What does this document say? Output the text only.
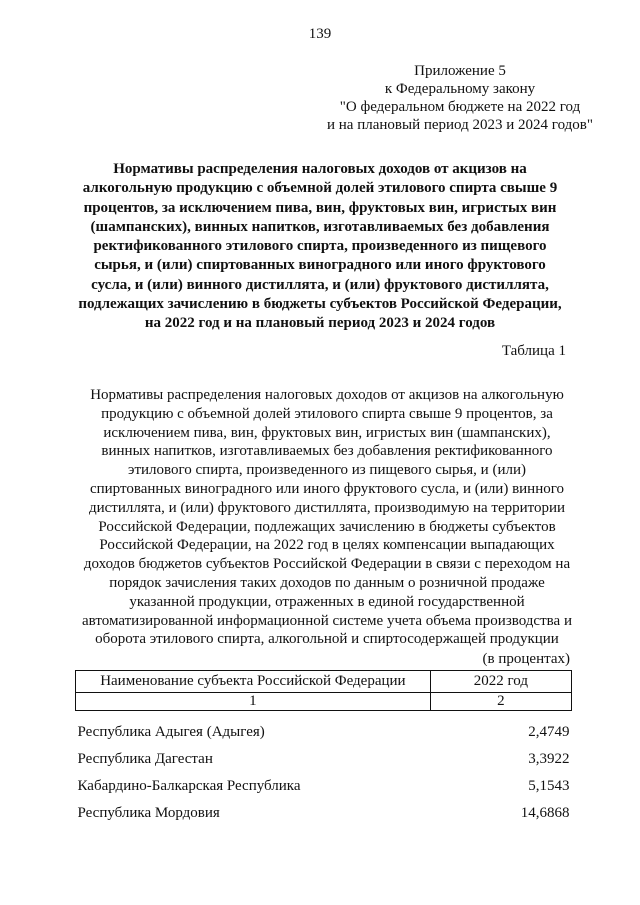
139
Приложение 5
к Федеральному закону
"О федеральном бюджете на 2022 год
и на плановый период 2023 и 2024 годов"
Нормативы распределения налоговых доходов от акцизов на
алкогольную продукцию с объемной долей этилового спирта свыше 9
процентов, за исключением пива, вин, фруктовых вин, игристых вин
(шампанских), винных напитков, изготавливаемых без добавления
ректификованного этилового спирта, произведенного из пищевого
сырья, и (или) спиртованных виноградного или иного фруктового
сусла, и (или) винного дистиллята, и (или) фруктового дистиллята,
подлежащих зачислению в бюджеты субъектов Российской Федерации,
на 2022 год и на плановый период 2023 и 2024 годов
Таблица 1
Нормативы распределения налоговых доходов от акцизов на алкогольную
продукцию с объемной долей этилового спирта свыше 9 процентов, за
исключением пива, вин, фруктовых вин, игристых вин (шампанских),
винных напитков, изготавливаемых без добавления ректификованного
этилового спирта, произведенного из пищевого сырья, и (или)
спиртованных виноградного или иного фруктового сусла, и (или) винного
дистиллята, и (или) фруктового дистиллята, производимую на территории
Российской Федерации, подлежащих зачислению в бюджеты субъектов
Российской Федерации, на 2022 год в целях компенсации выпадающих
доходов бюджетов субъектов Российской Федерации в связи с переходом на
порядок зачисления таких доходов по данным о розничной продаже
указанной продукции, отраженных в единой государственной
автоматизированной информационной системе учета объема производства и
оборота этилового спирта, алкогольной и спиртосодержащей продукции
(в процентах)
Наименование субъекта Российской Федерации	2022 год
1	2
Республика Адыгея (Адыгея)	2,4749
Республика Дагестан	3,3922
Кабардино-Балкарская Республика	5,1543
Республика Мордовия	14,6868
